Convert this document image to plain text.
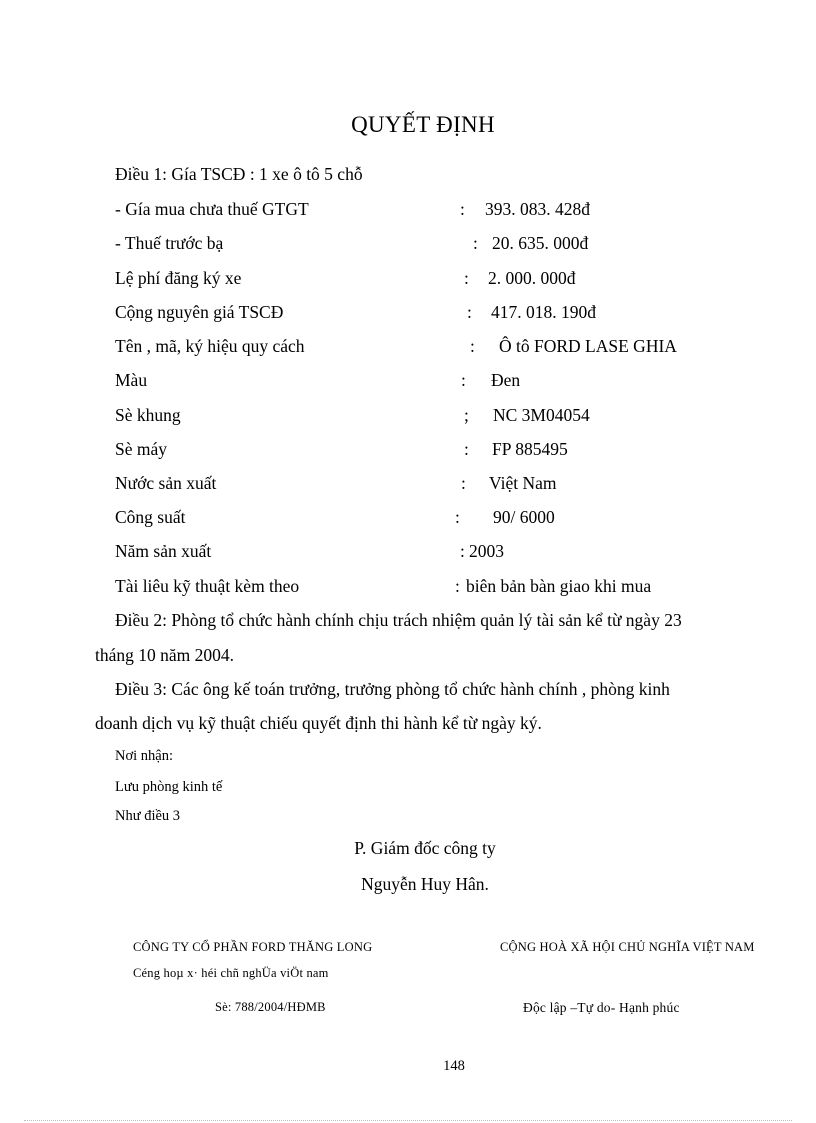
QUYẾT ĐỊNH
Điều 1: Gía TSCĐ : 1 xe ô tô 5 chỗ
- Gía mua chưa thuế GTGT	: 393. 083. 428đ
- Thuế trước bạ	: 20. 635. 000đ
Lệ phí đăng ký xe	: 2. 000. 000đ
Cộng nguyên giá TSCĐ	: 417. 018. 190đ
Tên , mã, ký hiệu quy cách	: Ô tô FORD LASE GHIA
Màu	: Đen
Sè khung	; NC 3M04054
Sè máy	: FP 885495
Nước sản xuất	: Việt Nam
Công suất	: 90/ 6000
Năm sản xuất	: 2003
Tài liêu kỹ thuật kèm theo	: biên bản bàn giao khi mua
Điều 2: Phòng tổ chức hành chính chịu trách nhiệm quản lý tài sản kể từ ngày 23
tháng 10 năm 2004.
Điều 3: Các ông kế toán trưởng, trưởng phòng tổ chức hành chính , phòng kinh
doanh dịch vụ kỹ thuật chiếu quyết định thi hành kể từ ngày ký.
Nơi nhận:
Lưu phòng kinh tế
Như điều 3
P. Giám đốc công ty
Nguyễn Huy Hân.
CÔNG TY CỔ PHẦN FORD THĂNG LONG	CỘNG HOÀ XÃ HỘI CHỦ NGHĨA VIỆT NAM
Céng hoµ x· héi chñ nghÜa viÖt nam
Sè: 788/2004/HĐMB	Độc lập –Tự do- Hạnh phúc
148
